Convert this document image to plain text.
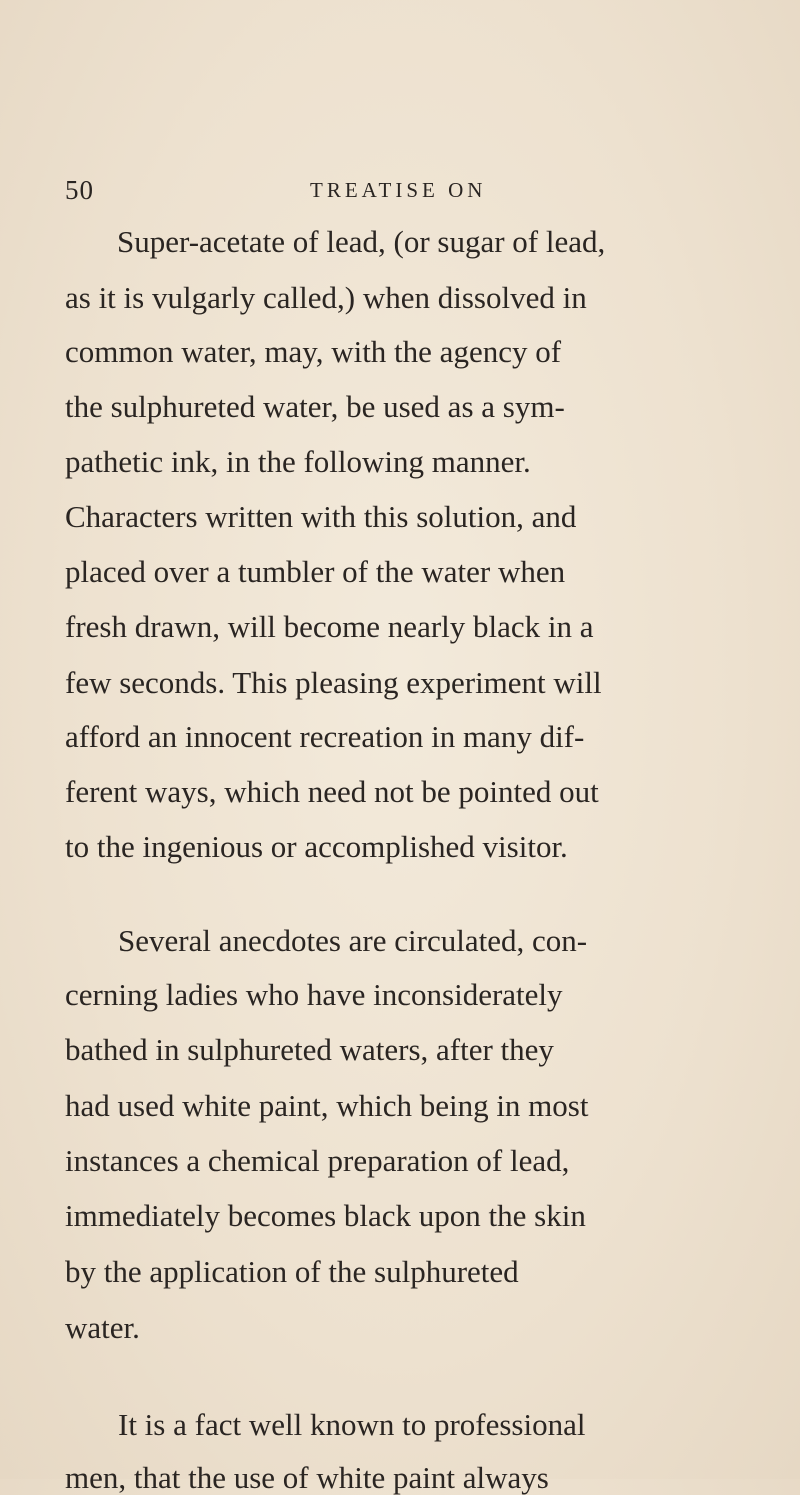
50	TREATISE ON
Super-acetate of lead, (or sugar of lead,
as it is vulgarly called,) when dissolved in
common water, may, with the agency of
the sulphureted water, be used as a sym-
pathetic ink, in the following manner.
Characters written with this solution, and
placed over a tumbler of the water when
fresh drawn, will become nearly black in a
few seconds. This pleasing experiment will
afford an innocent recreation in many dif-
ferent ways, which need not be pointed out
to the ingenious or accomplished visitor.
Several anecdotes are circulated, con-
cerning ladies who have inconsiderately
bathed in sulphureted waters, after they
had used white paint, which being in most
instances a chemical preparation of lead,
immediately becomes black upon the skin
by the application of the sulphureted
water.
It is a fact well known to professional
men, that the use of white paint always
